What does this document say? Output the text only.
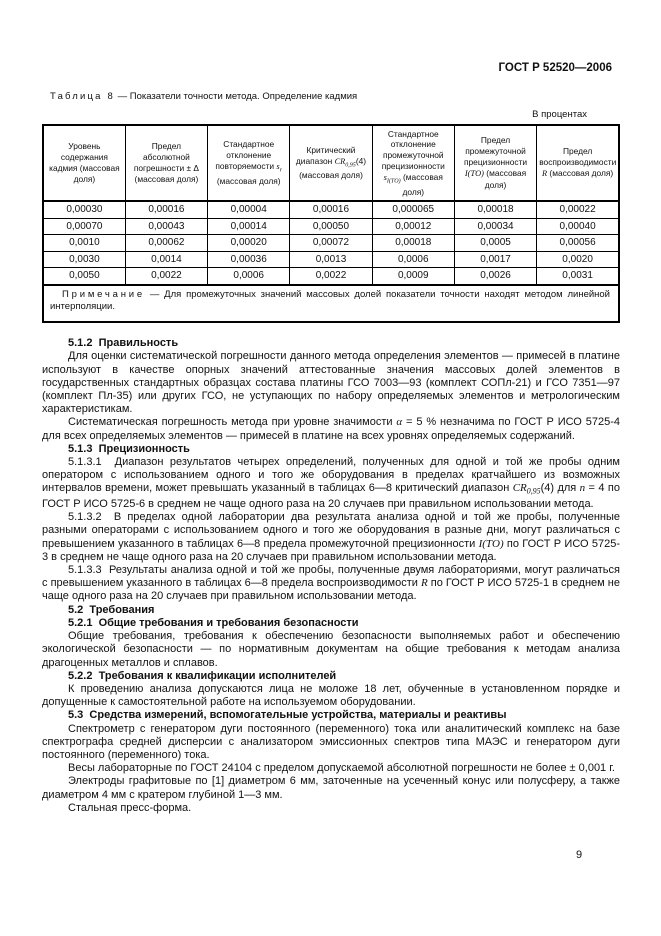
ГОСТ Р 52520—2006
Таблица 8 — Показатели точности метода. Определение кадмия
В процентах
Уровень содержания кадмия (массовая доля)	Предел абсолютной погрешности ± Δ (массовая доля)	Стандартное отклонение повторяемости $s_r$ (массовая доля)	Критический диапазон $CR_{0,95}(4)$ (массовая доля)	Стандартное отклонение промежуточной прецизионности $s_{I(ТО)}$ (массовая доля)	Предел промежуточной прецизионности I(ТО) (массовая доля)	Предел воспроизводимости R (массовая доля)
0,00030	0,00016	0,00004	0,00016	0,000065	0,00018	0,00022
0,00070	0,00043	0,00014	0,00050	0,00012	0,00034	0,00040
0,0010	0,00062	0,00020	0,00072	0,00018	0,0005	0,00056
0,0030	0,0014	0,00036	0,0013	0,0006	0,0017	0,0020
0,0050	0,0022	0,0006	0,0022	0,0009	0,0026	0,0031
Примечание — Для промежуточных значений массовых долей показатели точности находят методом линейной интерполяции.						

5.1.2  Правильность

Для оценки систематической погрешности данного метода определения элементов — примесей в платине используют в качестве опорных значений аттестованные значения массовых долей элементов в государственных стандартных образцах состава платины ГСО 7003—93 (комплект СОПл-21) и ГСО 7351—97 (комплект Пл-35) или других ГСО, не уступающих по набору определяемых элементов и метрологическим характеристикам.

Систематическая погрешность метода при уровне значимости α = 5 % незначима по ГОСТ Р ИСО 5725-4 для всех определяемых элементов — примесей в платине на всех уровнях определяемых содержаний.

5.1.3  Прецизионность

5.1.3.1  Диапазон результатов четырех определений, полученных для одной и той же пробы одним оператором с использованием одного и того же оборудования в пределах кратчайшего из возможных интервалов времени, может превышать указанный в таблицах 6—8 критический диапазон $CR_{0,95}(4)$ для n = 4 по ГОСТ Р ИСО 5725-6 в среднем не чаще одного раза на 20 случаев при правильном использовании метода.

5.1.3.2  В пределах одной лаборатории два результата анализа одной и той же пробы, полученные разными операторами с использованием одного и того же оборудования в разные дни, могут различаться с превышением указанного в таблицах 6—8 предела промежуточной прецизионности I(ТО) по ГОСТ Р ИСО 5725-3 в среднем не чаще одного раза на 20 случаев при правильном использовании метода.

5.1.3.3  Результаты анализа одной и той же пробы, полученные двумя лабораториями, могут различаться с превышением указанного в таблицах 6—8 предела воспроизводимости R по ГОСТ Р ИСО 5725-1 в среднем не чаще одного раза на 20 случаев при правильном использовании метода.

5.2  Требования

5.2.1  Общие требования и требования безопасности

Общие требования, требования к обеспечению безопасности выполняемых работ и обеспечению экологической безопасности — по нормативным документам на общие требования к методам анализа драгоценных металлов и сплавов.

5.2.2  Требования к квалификации исполнителей

К проведению анализа допускаются лица не моложе 18 лет, обученные в установленном порядке и допущенные к самостоятельной работе на используемом оборудовании.

5.3  Средства измерений, вспомогательные устройства, материалы и реактивы

Спектрометр с генератором дуги постоянного (переменного) тока или аналитический комплекс на базе спектрографа средней дисперсии с анализатором эмиссионных спектров типа МАЭС и генератором дуги постоянного (переменного) тока.

Весы лабораторные по ГОСТ 24104 с пределом допускаемой абсолютной погрешности не более ± 0,001 г.

Электроды графитовые по [1] диаметром 6 мм, заточенные на усеченный конус или полусферу, а также диаметром 4 мм с кратером глубиной 1—3 мм.

Стальная пресс-форма.

9
